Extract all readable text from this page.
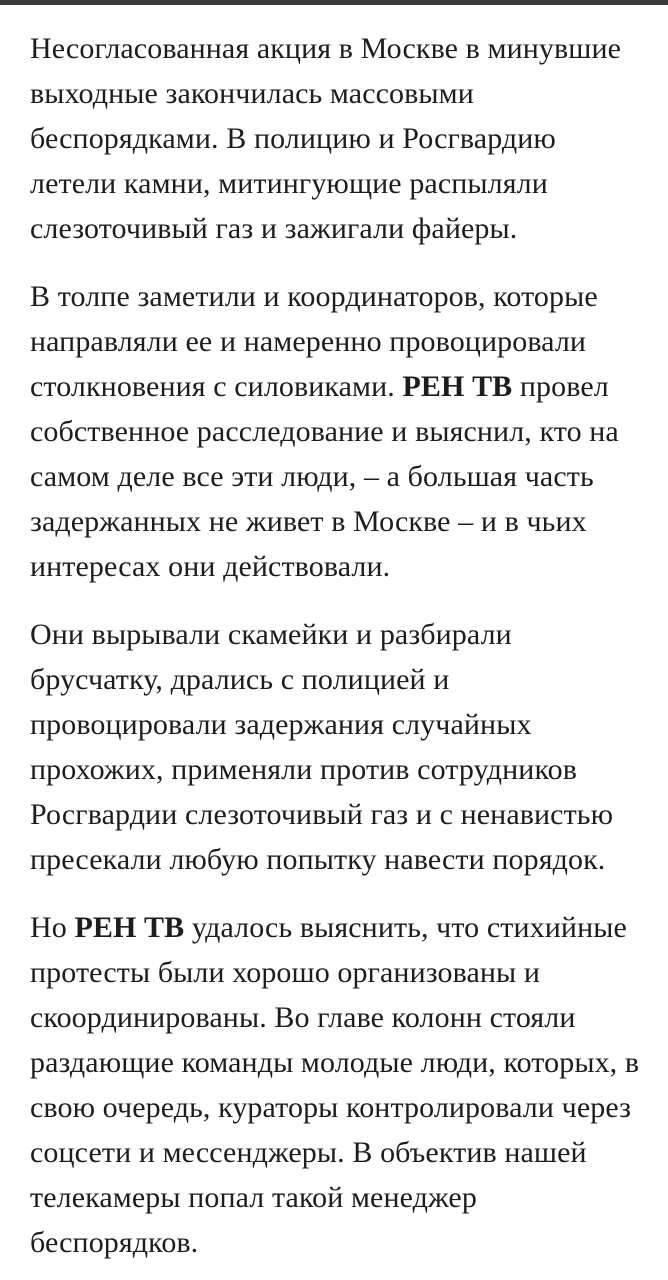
Несогласованная акция в Москве в минувшие выходные закончилась массовыми беспорядками. В полицию и Росгвардию летели камни, митингующие распыляли слезоточивый газ и зажигали файеры.

В толпе заметили и координаторов, которые направляли ее и намеренно провоцировали столкновения с силовиками. РЕН ТВ провел собственное расследование и выяснил, кто на самом деле все эти люди, – а большая часть задержанных не живет в Москве – и в чьих интересах они действовали.

Они вырывали скамейки и разбирали брусчатку, дрались с полицией и провоцировали задержания случайных прохожих, применяли против сотрудников Росгвардии слезоточивый газ и с ненавистью пресекали любую попытку навести порядок.

Но РЕН ТВ удалось выяснить, что стихийные протесты были хорошо организованы и скоординированы. Во главе колонн стояли раздающие команды молодые люди, которых, в свою очередь, кураторы контролировали через соцсети и мессенджеры. В объектив нашей телекамеры попал такой менеджер беспорядков.
